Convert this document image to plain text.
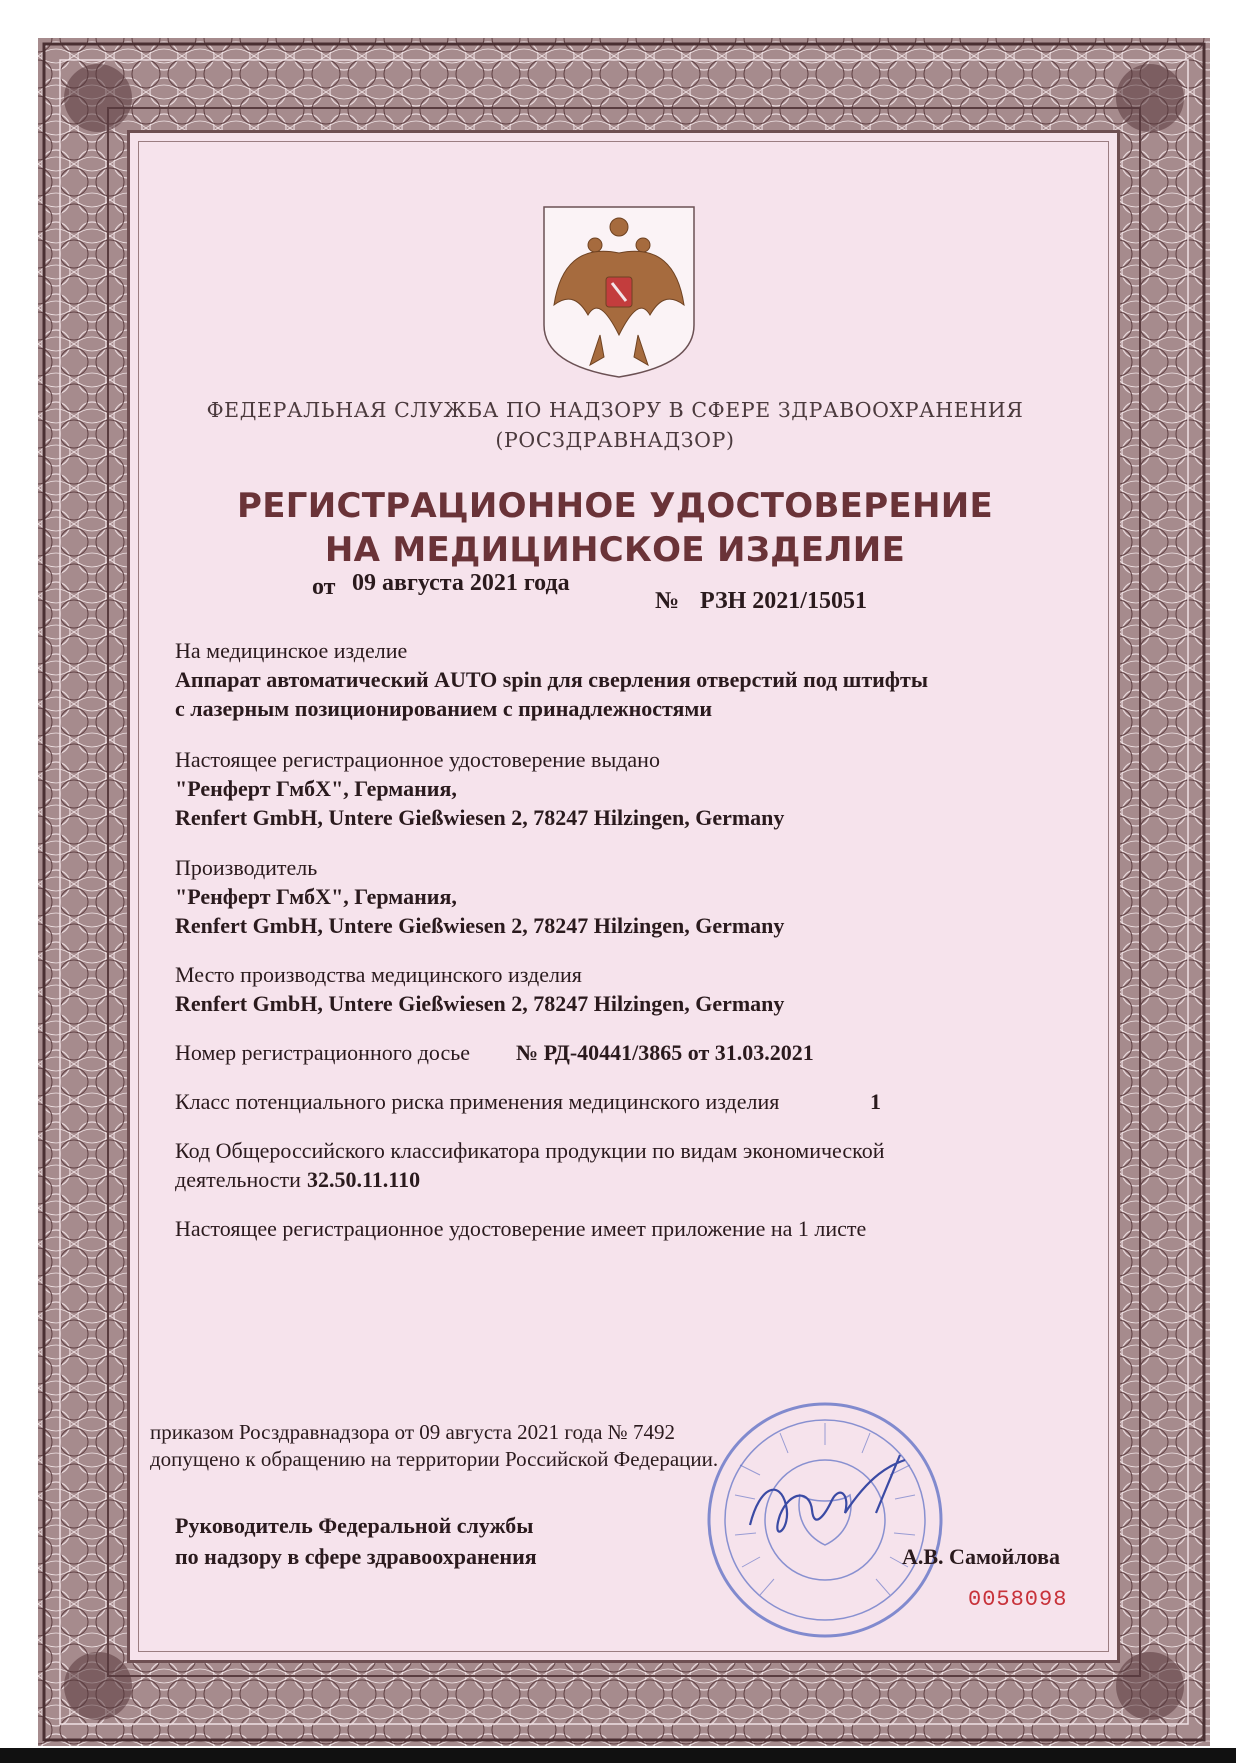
ФЕДЕРАЛЬНАЯ СЛУЖБА ПО НАДЗОРУ В СФЕРЕ ЗДРАВООХРАНЕНИЯ
(РОСЗДРАВНАДЗОР)
РЕГИСТРАЦИОННОЕ УДОСТОВЕРЕНИЕ
НА МЕДИЦИНСКОЕ ИЗДЕЛИЕ
от 09 августа 2021 года
№ РЗН 2021/15051
На медицинское изделие
Аппарат автоматический AUTO spin для сверления отверстий под штифты
с лазерным позиционированием с принадлежностями
Настоящее регистрационное удостоверение выдано
"Ренферт ГмбХ", Германия,
Renfert GmbH, Untere Gießwiesen 2, 78247 Hilzingen, Germany
Производитель
"Ренферт ГмбХ", Германия,
Renfert GmbH, Untere Gießwiesen 2, 78247 Hilzingen, Germany
Место производства медицинского изделия
Renfert GmbH, Untere Gießwiesen 2, 78247 Hilzingen, Germany
Номер регистрационного досье № РД-40441/3865 от 31.03.2021
Класс потенциального риска применения медицинского изделия	1
Код Общероссийского классификатора продукции по видам экономической
деятельности 32.50.11.110
Настоящее регистрационное удостоверение имеет приложение на 1 листе
приказом Росздравнадзора от 09 августа 2021 года № 7492
допущено к обращению на территории Российской Федерации.
Руководитель Федеральной службы
по надзору в сфере здравоохранения	А.В. Самойлова
0058098
